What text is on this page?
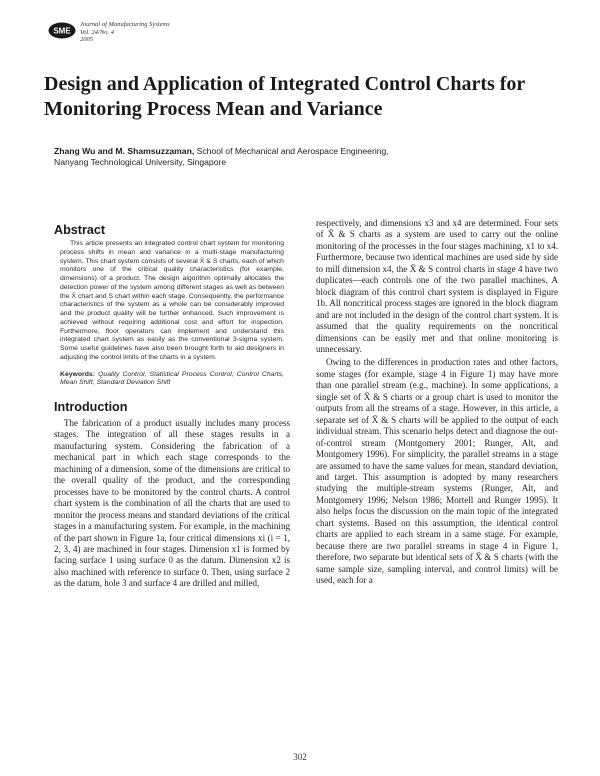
SME
Journal of Manufacturing Systems
Vol. 24/No. 4
2005
Design and Application of Integrated Control Charts for Monitoring Process Mean and Variance
Zhang Wu and M. Shamsuzzaman, School of Mechanical and Aerospace Engineering,
Nanyang Technological University, Singapore
Abstract

This article presents an integrated control chart system for monitoring process shifts in mean and variance in a multi-stage manufacturing system. This chart system consists of several X̄ & S charts, each of which monitors one of the critical quality characteristics (for example, dimensions) of a product. The design algorithm optimally allocates the detection power of the system among different stages as well as between the X̄ chart and S chart within each stage. Consequently, the performance characteristics of the system as a whole can be considerably improved and the product quality will be further enhanced. Such improvement is achieved without requiring additional cost and effort for inspection. Furthermore, floor operators can implement and understand this integrated chart system as easily as the conventional 3-sigma system. Some useful guidelines have also been brought forth to aid designers in adjusting the control limits of the charts in a system.

Keywords: Quality Control, Statistical Process Control, Control Charts, Mean Shift, Standard Deviation Shift

Introduction

The fabrication of a product usually includes many process stages. The integration of all these stages results in a manufacturing system. Considering the fabrication of a mechanical part in which each stage corresponds to the machining of a dimension, some of the dimensions are critical to the overall quality of the product, and the corresponding processes have to be monitored by the control charts. A control chart system is the combination of all the charts that are used to monitor the process means and standard deviations of the critical stages in a manufacturing system. For example, in the machining of the part shown in Figure 1a, four critical dimensions xi (i = 1, 2, 3, 4) are machined in four stages. Dimension x1 is formed by facing surface 1 using surface 0 as the datum. Dimension x2 is also machined with reference to surface 0. Then, using surface 2 as the datum, hole 3 and surface 4 are drilled and milled,

respectively, and dimensions x3 and x4 are determined. Four sets of X̄ & S charts as a system are used to carry out the online monitoring of the processes in the four stages machining, x1 to x4. Furthermore, because two identical machines are used side by side to mill dimension x4, the X̄ & S control charts in stage 4 have two duplicates—each controls one of the two parallel machines. A block diagram of this control chart system is displayed in Figure 1b. All noncritical process stages are ignored in the block diagram and are not included in the design of the control chart system. It is assumed that the quality requirements on the noncritical dimensions can be easily met and that online monitoring is unnecessary.

Owing to the differences in production rates and other factors, some stages (for example, stage 4 in Figure 1) may have more than one parallel stream (e.g., machine). In some applications, a single set of X̄ & S charts or a group chart is used to monitor the outputs from all the streams of a stage. However, in this article, a separate set of X̄ & S charts will be applied to the output of each individual stream. This scenario helps detect and diagnose the out-of-control stream (Montgomery 2001; Runger, Alt, and Montgomery 1996). For simplicity, the parallel streams in a stage are assumed to have the same values for mean, standard deviation, and target. This assumption is adopted by many researchers studying the multiple-stream systems (Runger, Alt, and Montgomery 1996; Nelson 1986; Mortell and Runger 1995). It also helps focus the discussion on the main topic of the integrated chart systems. Based on this assumption, the identical control charts are applied to each stream in a same stage. For example, because there are two parallel streams in stage 4 in Figure 1, therefore, two separate but identical sets of X̄ & S charts (with the same sample size, sampling interval, and control limits) will be used, each for a

302
